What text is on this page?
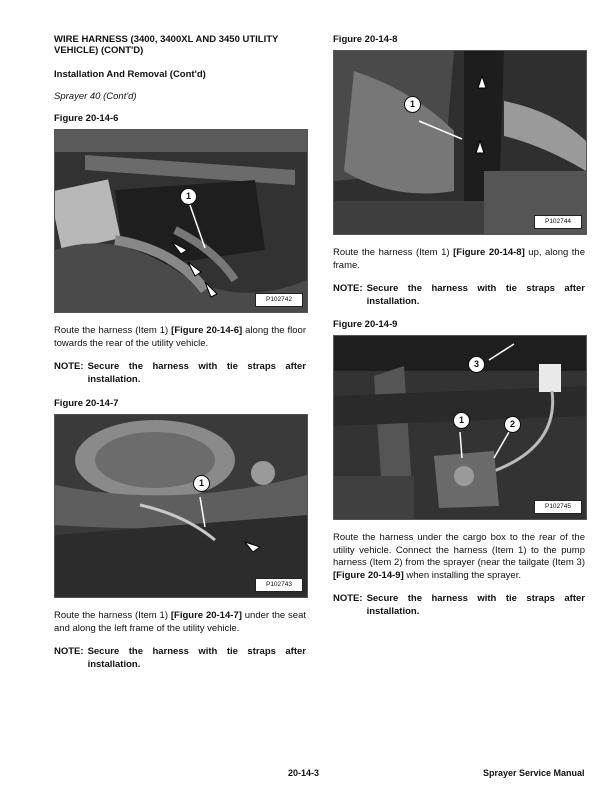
WIRE HARNESS (3400, 3400XL AND 3450 UTILITY

VEHICLE) (CONT'D)

Installation And Removal (Cont'd)

Sprayer 40 (Cont'd)

Figure 20-14-6

1
P102742

Route the harness (Item 1) [Figure 20-14-6] along the floor towards the rear of the utility vehicle.

NOTE: Secure the harness with tie straps after installation.

Figure 20-14-7

1
P102743

Route the harness (Item 1) [Figure 20-14-7] under the seat and along the left frame of the utility vehicle.

NOTE: Secure the harness with tie straps after installation.

Figure 20-14-8

1
P102744

Route the harness (Item 1) [Figure 20-14-8] up, along the frame.

NOTE: Secure the harness with tie straps after installation.

Figure 20-14-9

3
1	2
P102745

Route the harness under the cargo box to the rear of the utility vehicle. Connect the harness (Item 1) to the pump harness (Item 2) from the sprayer (near the tailgate (Item 3) [Figure 20-14-9] when installing the sprayer.

NOTE: Secure the harness with tie straps after installation.
20-14-3	Sprayer Service Manual
